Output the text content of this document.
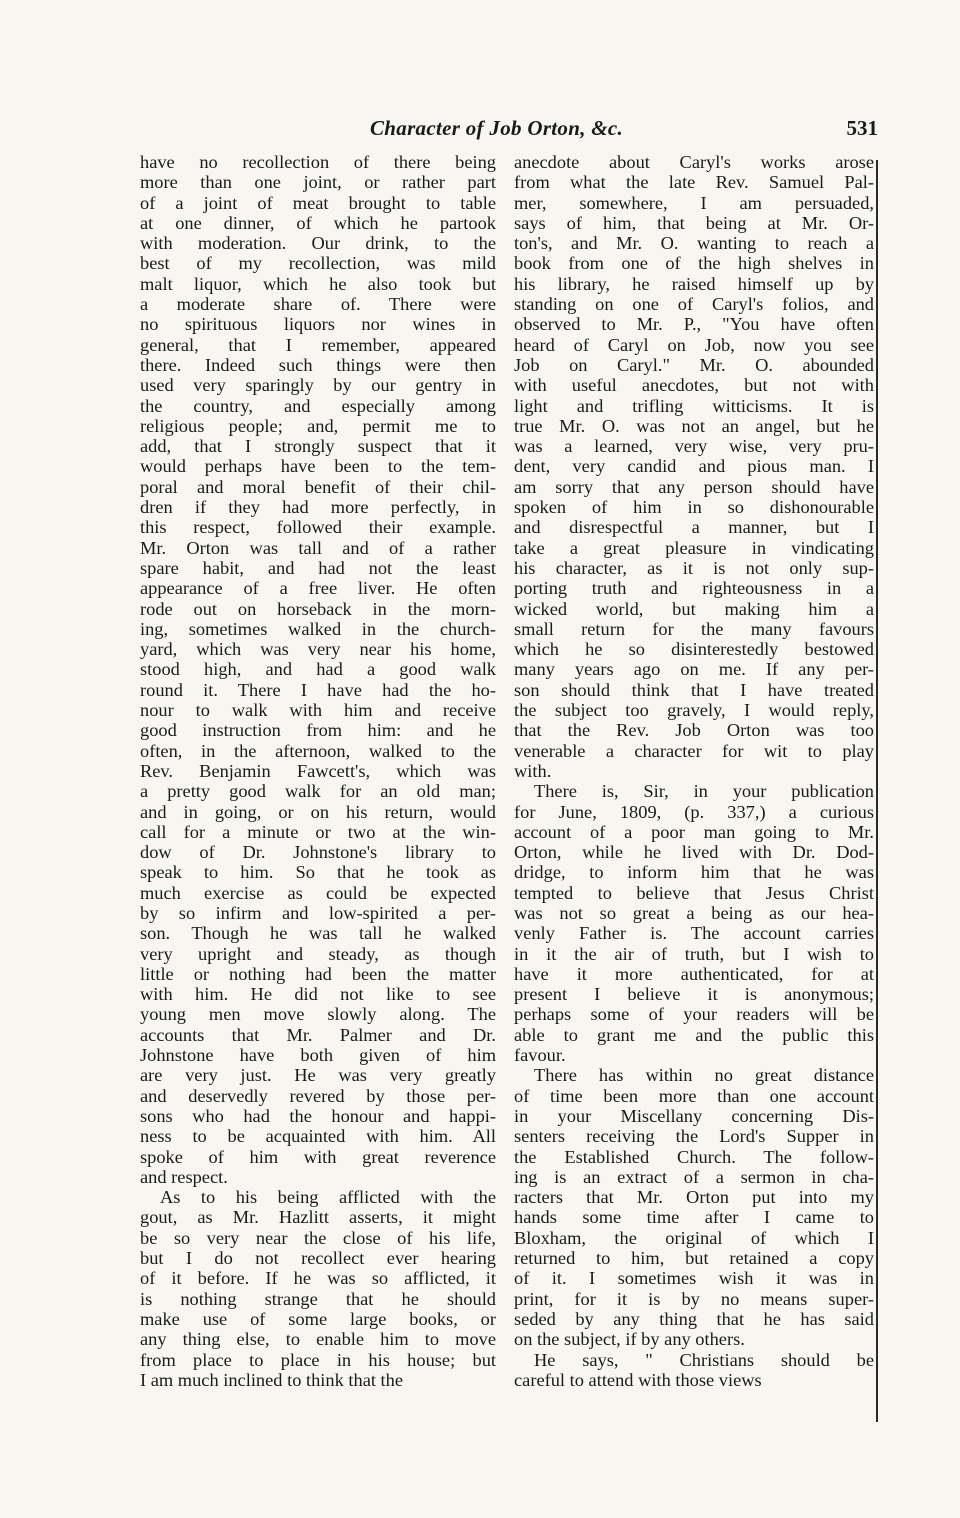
Character of Job Orton, &c.	531
have no recollection of there being
more than one joint, or rather part
of a joint of meat brought to table
at one dinner, of which he partook
with moderation. Our drink, to the
best of my recollection, was mild
malt liquor, which he also took but
a moderate share of. There were
no spirituous liquors nor wines in
general, that I remember, appeared
there. Indeed such things were then
used very sparingly by our gentry in
the country, and especially among
religious people; and, permit me to
add, that I strongly suspect that it
would perhaps have been to the tem-
poral and moral benefit of their chil-
dren if they had more perfectly, in
this respect, followed their example.
Mr. Orton was tall and of a rather
spare habit, and had not the least
appearance of a free liver. He often
rode out on horseback in the morn-
ing, sometimes walked in the church-
yard, which was very near his home,
stood high, and had a good walk
round it. There I have had the ho-
nour to walk with him and receive
good instruction from him: and he
often, in the afternoon, walked to the
Rev. Benjamin Fawcett's, which was
a pretty good walk for an old man;
and in going, or on his return, would
call for a minute or two at the win-
dow of Dr. Johnstone's library to
speak to him. So that he took as
much exercise as could be expected
by so infirm and low-spirited a per-
son. Though he was tall he walked
very upright and steady, as though
little or nothing had been the matter
with him. He did not like to see
young men move slowly along. The
accounts that Mr. Palmer and Dr.
Johnstone have both given of him
are very just. He was very greatly
and deservedly revered by those per-
sons who had the honour and happi-
ness to be acquainted with him. All
spoke of him with great reverence
and respect.
As to his being afflicted with the
gout, as Mr. Hazlitt asserts, it might
be so very near the close of his life,
but I do not recollect ever hearing
of it before. If he was so afflicted, it
is nothing strange that he should
make use of some large books, or
any thing else, to enable him to move
from place to place in his house; but
I am much inclined to think that the
anecdote about Caryl's works arose
from what the late Rev. Samuel Pal-
mer, somewhere, I am persuaded,
says of him, that being at Mr. Or-
ton's, and Mr. O. wanting to reach a
book from one of the high shelves in
his library, he raised himself up by
standing on one of Caryl's folios, and
observed to Mr. P., "You have often
heard of Caryl on Job, now you see
Job on Caryl." Mr. O. abounded
with useful anecdotes, but not with
light and trifling witticisms. It is
true Mr. O. was not an angel, but he
was a learned, very wise, very pru-
dent, very candid and pious man. I
am sorry that any person should have
spoken of him in so dishonourable
and disrespectful a manner, but I
take a great pleasure in vindicating
his character, as it is not only sup-
porting truth and righteousness in a
wicked world, but making him a
small return for the many favours
which he so disinterestedly bestowed
many years ago on me. If any per-
son should think that I have treated
the subject too gravely, I would reply,
that the Rev. Job Orton was too
venerable a character for wit to play
with.
There is, Sir, in your publication
for June, 1809, (p. 337,) a curious
account of a poor man going to Mr.
Orton, while he lived with Dr. Dod-
dridge, to inform him that he was
tempted to believe that Jesus Christ
was not so great a being as our hea-
venly Father is. The account carries
in it the air of truth, but I wish to
have it more authenticated, for at
present I believe it is anonymous;
perhaps some of your readers will be
able to grant me and the public this
favour.
There has within no great distance
of time been more than one account
in your Miscellany concerning Dis-
senters receiving the Lord's Supper in
the Established Church. The follow-
ing is an extract of a sermon in cha-
racters that Mr. Orton put into my
hands some time after I came to
Bloxham, the original of which I
returned to him, but retained a copy
of it. I sometimes wish it was in
print, for it is by no means super-
seded by any thing that he has said
on the subject, if by any others.
He says, " Christians should be
careful to attend with those views
